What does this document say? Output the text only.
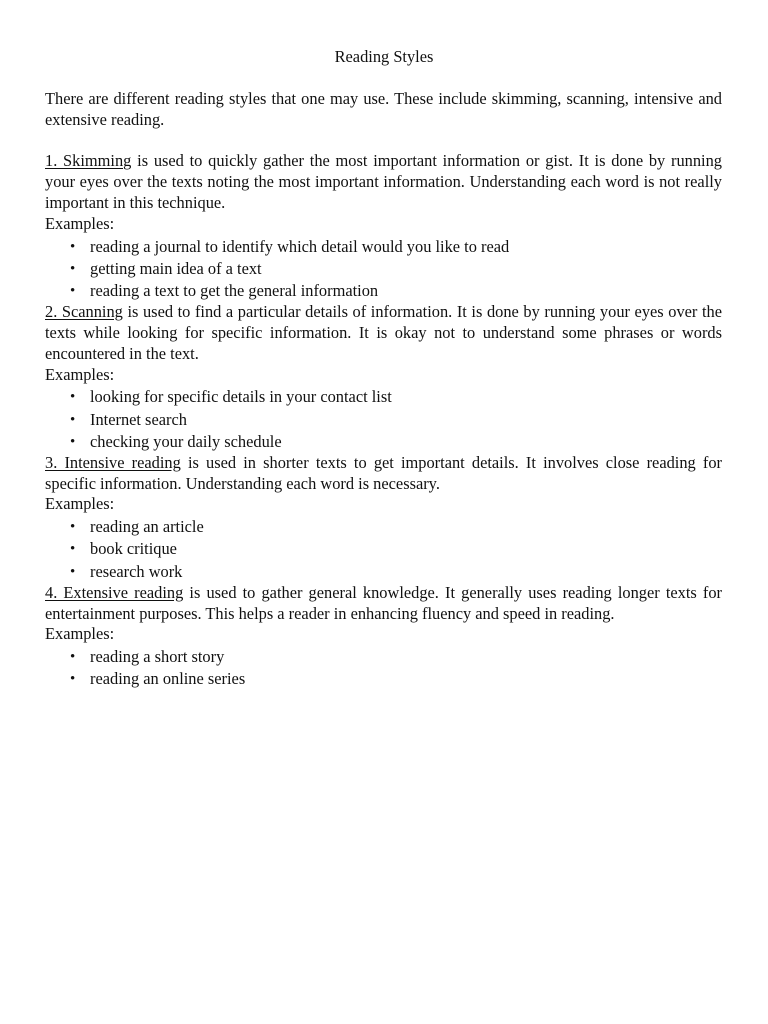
Reading Styles

There are different reading styles that one may use. These include skimming, scanning, intensive and extensive reading.

1. Skimming is used to quickly gather the most important information or gist. It is done by running your eyes over the texts noting the most important information. Understanding each word is not really important in this technique.

Examples:

• reading a journal to identify which detail would you like to read
• getting main idea of a text
• reading a text to get the general information

2. Scanning is used to find a particular details of information. It is done by running your eyes over the texts while looking for specific information. It is okay not to understand some phrases or words encountered in the text.

Examples:

• looking for specific details in your contact list
• Internet search
• checking your daily schedule

3. Intensive reading is used in shorter texts to get important details. It involves close reading for specific information. Understanding each word is necessary.

Examples:

• reading an article
• book critique
• research work

4. Extensive reading is used to gather general knowledge. It generally uses reading longer texts for entertainment purposes. This helps a reader in enhancing fluency and speed in reading.

Examples:

• reading a short story
• reading an online series
